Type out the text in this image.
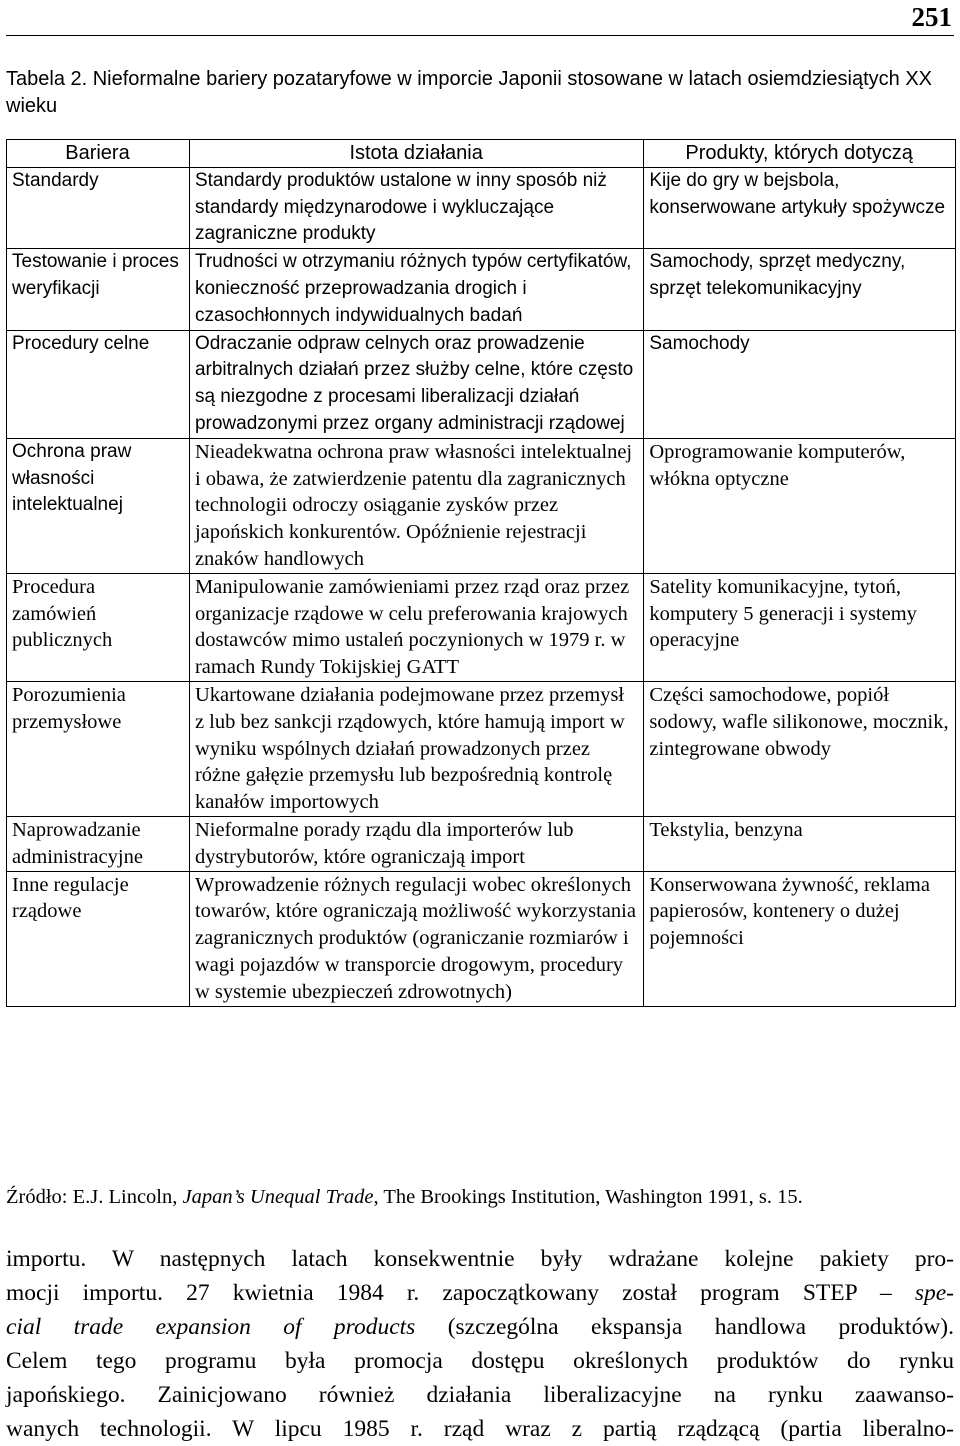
251
Tabela 2. Nieformalne bariery pozataryfowe w imporcie Japonii stosowane w latach osiemdziesiątych XX wieku
Bariera	Istota działania	Produkty, których dotyczą
Standardy	Standardy produktów ustalone w inny sposób niż standardy międzynarodowe i wykluczające zagraniczne produkty	Kije do gry w bejsbola, konserwowane artykuły spożywcze
Testowanie i proces weryfikacji	Trudności w otrzymaniu różnych typów certyfikatów, konieczność przeprowadzania drogich i czasochłonnych indywidualnych badań	Samochody, sprzęt medyczny, sprzęt telekomunikacyjny
Procedury celne	Odraczanie odpraw celnych oraz prowadzenie arbitralnych działań przez służby celne, które często są niezgodne z procesami liberalizacji działań prowadzonymi przez organy administracji rządowej	Samochody
Ochrona praw własności intelektualnej	Nieadekwatna ochrona praw własności intelektualnej i obawa, że zatwierdzenie patentu dla zagranicznych technologii odroczy osiąganie zysków przez japońskich konkurentów. Opóźnienie rejestracji znaków handlowych	Oprogramowanie komputerów, włókna optyczne
Procedura zamówień publicznych	Manipulowanie zamówieniami przez rząd oraz przez organizacje rządowe w celu preferowania krajowych dostawców mimo ustaleń poczynionych w 1979 r. w ramach Rundy Tokijskiej GATT	Satelity komunikacyjne, tytoń, komputery 5 generacji i systemy operacyjne
Porozumienia przemysłowe	Ukartowane działania podejmowane przez przemysł z lub bez sankcji rządowych, które hamują import w wyniku wspólnych działań prowadzonych przez różne gałęzie przemysłu lub bezpośrednią kontrolę kanałów importowych	Części samochodowe, popiół sodowy, wafle silikonowe, mocznik, zintegrowane obwody
Naprowadzanie administracyjne	Nieformalne porady rządu dla importerów lub dystrybutorów, które ograniczają import	Tekstylia, benzyna
Inne regulacje rządowe	Wprowadzenie różnych regulacji wobec określonych towarów, które ograniczają możliwość wykorzystania zagranicznych produktów (ograniczanie rozmiarów i wagi pojazdów w transporcie drogowym, procedury w systemie ubezpieczeń zdrowotnych)	Konserwowana żywność, reklama papierosów, kontenery o dużej pojemności
Źródło: E.J. Lincoln, Japan’s Unequal Trade, The Brookings Institution, Washington 1991, s. 15.
importu. W następnych latach konsekwentnie były wdrażane kolejne pakiety pro-
mocji importu. 27 kwietnia 1984 r. zapoczątkowany został program STEP – spe-
cial trade expansion of products (szczególna ekspansja handlowa produktów).
Celem tego programu była promocja dostępu określonych produktów do rynku
japońskiego. Zainicjowano również działania liberalizacyjne na rynku zaawanso-
wanych technologii. W lipcu 1985 r. rząd wraz z partią rządzącą (partia liberalno-
